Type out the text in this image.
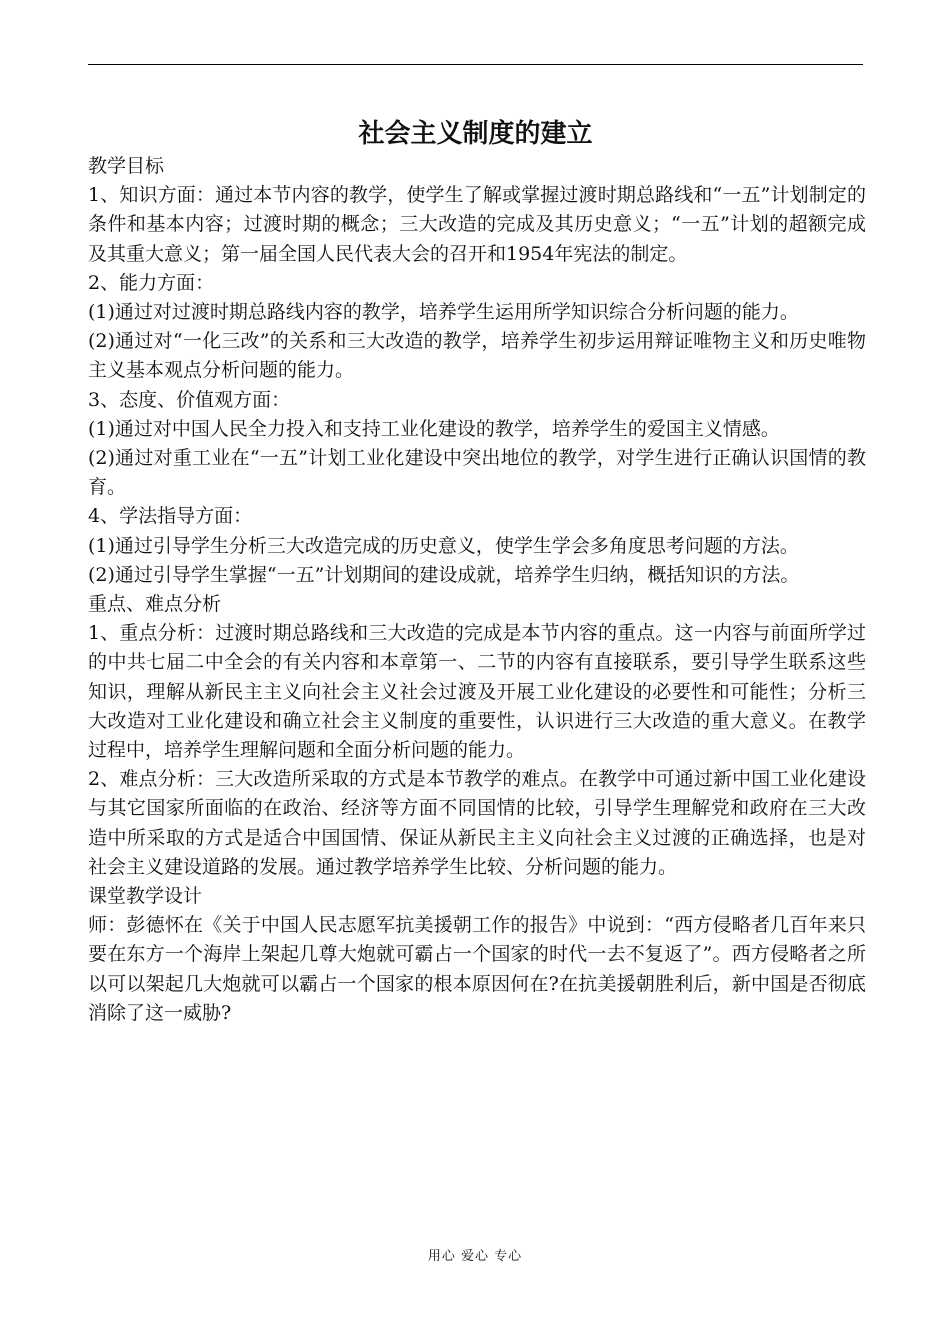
社会主义制度的建立

教学目标

1、知识方面：通过本节内容的教学，使学生了解或掌握过渡时期总路线和“一五”计划制定的条件和基本内容；过渡时期的概念；三大改造的完成及其历史意义；“一五”计划的超额完成及其重大意义；第一届全国人民代表大会的召开和1954年宪法的制定。

2、能力方面：

(1)通过对过渡时期总路线内容的教学，培养学生运用所学知识综合分析问题的能力。

(2)通过对“一化三改”的关系和三大改造的教学，培养学生初步运用辩证唯物主义和历史唯物主义基本观点分析问题的能力。

3、态度、价值观方面：

(1)通过对中国人民全力投入和支持工业化建设的教学，培养学生的爱国主义情感。

(2)通过对重工业在“一五”计划工业化建设中突出地位的教学，对学生进行正确认识国情的教育。

4、学法指导方面：

(1)通过引导学生分析三大改造完成的历史意义，使学生学会多角度思考问题的方法。

(2)通过引导学生掌握“一五”计划期间的建设成就，培养学生归纳，概括知识的方法。

重点、难点分析

1、重点分析：过渡时期总路线和三大改造的完成是本节内容的重点。这一内容与前面所学过的中共七届二中全会的有关内容和本章第一、二节的内容有直接联系，要引导学生联系这些知识，理解从新民主主义向社会主义社会过渡及开展工业化建设的必要性和可能性；分析三大改造对工业化建设和确立社会主义制度的重要性，认识进行三大改造的重大意义。在教学过程中，培养学生理解问题和全面分析问题的能力。

2、难点分析：三大改造所采取的方式是本节教学的难点。在教学中可通过新中国工业化建设与其它国家所面临的在政治、经济等方面不同国情的比较，引导学生理解党和政府在三大改造中所采取的方式是适合中国国情、保证从新民主主义向社会主义过渡的正确选择，也是对社会主义建设道路的发展。通过教学培养学生比较、分析问题的能力。

课堂教学设计

师：彭德怀在《关于中国人民志愿军抗美援朝工作的报告》中说到：“西方侵略者几百年来只要在东方一个海岸上架起几尊大炮就可霸占一个国家的时代一去不复返了”。西方侵略者之所以可以架起几大炮就可以霸占一个国家的根本原因何在?在抗美援朝胜利后，新中国是否彻底消除了这一威胁?

用心 爱心 专心
